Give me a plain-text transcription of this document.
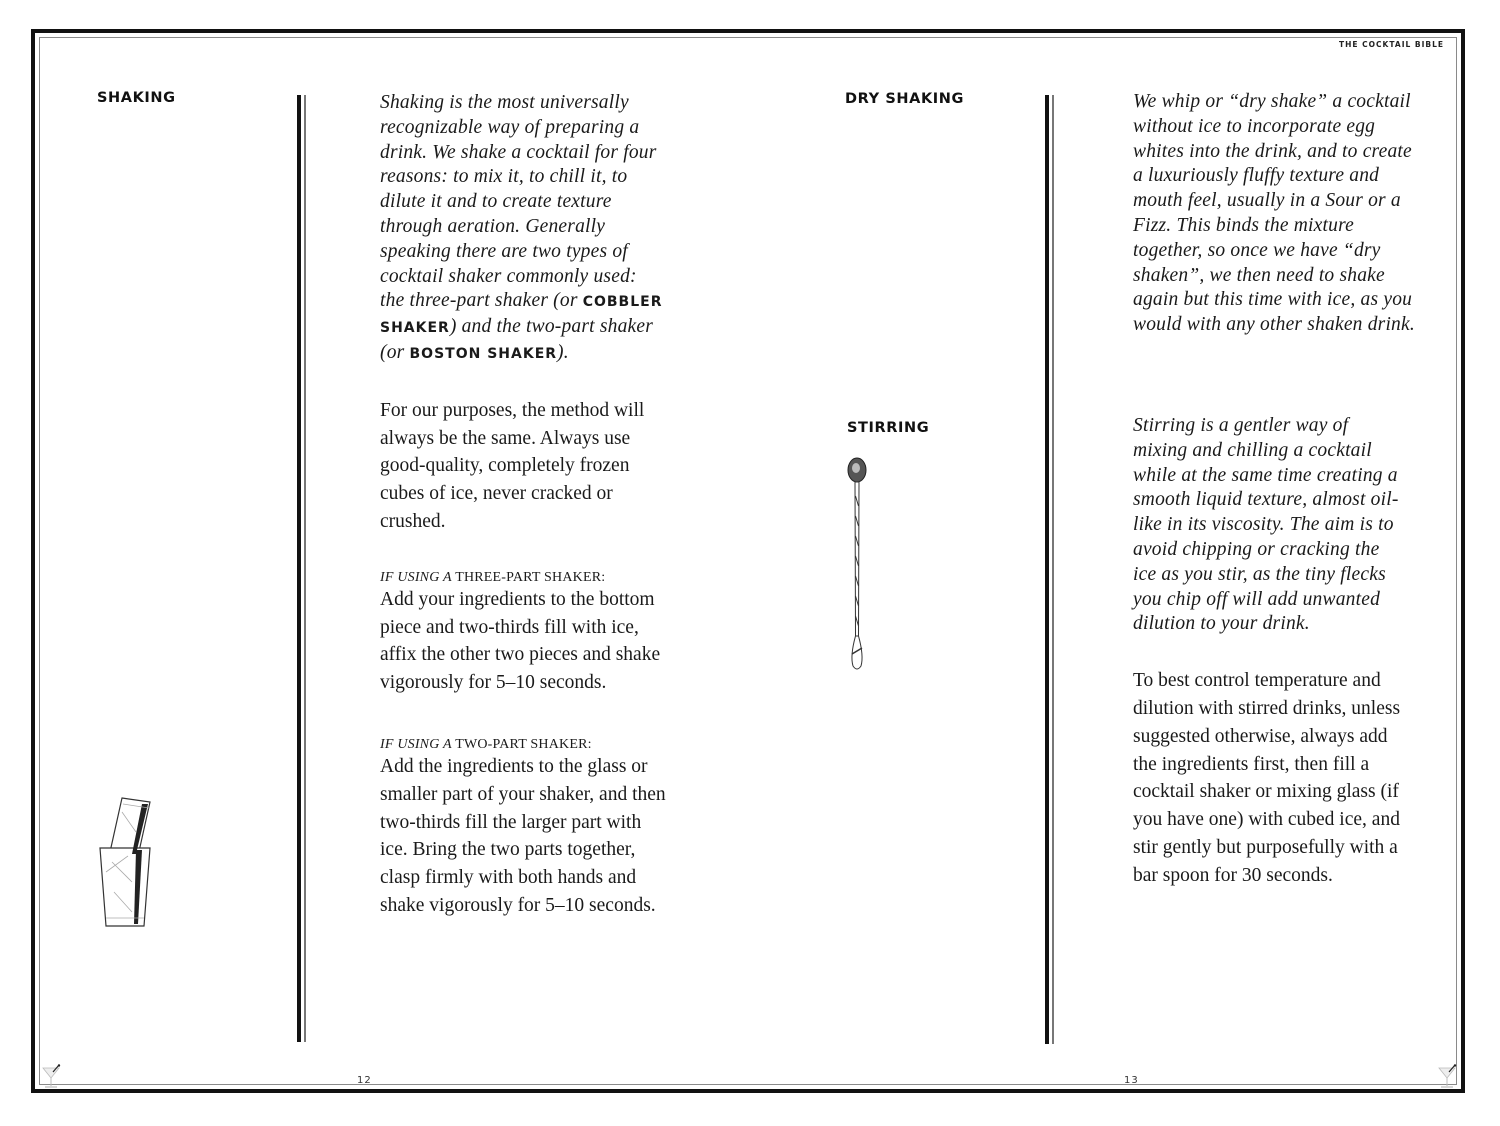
THE COCKTAIL BIBLE
SHAKING	Shaking is the most universally recognizable way of preparing a drink. We shake a cocktail for four reasons: to mix it, to chill it, to dilute it and to create texture through aeration. Generally speaking there are two types of cocktail shaker commonly used: the three-part shaker (or COBBLER SHAKER) and the two-part shaker (or BOSTON SHAKER).

For our purposes, the method will always be the same. Always use good-quality, completely frozen cubes of ice, never cracked or crushed.

IF USING A THREE-PART SHAKER:

Add your ingredients to the bottom piece and two-thirds fill with ice, affix the other two pieces and shake vigorously for 5–10 seconds.

IF USING A TWO-PART SHAKER:

Add the ingredients to the glass or smaller part of your shaker, and then two-thirds fill the larger part with ice. Bring the two parts together, clasp firmly with both hands and shake vigorously for 5–10 seconds.

12
DRY SHAKING
STIRRING

We whip or “dry shake” a cocktail without ice to incorporate egg whites into the drink, and to create a luxuriously fluffy texture and mouth feel, usually in a Sour or a Fizz. This binds the mixture together, so once we have “dry shaken”, we then need to shake again but this time with ice, as you would with any other shaken drink.

Stirring is a gentler way of mixing and chilling a cocktail while at the same time creating a smooth liquid texture, almost oil-like in its viscosity. The aim is to avoid chipping or cracking the ice as you stir, as the tiny flecks you chip off will add unwanted dilution to your drink.

To best control temperature and dilution with stirred drinks, unless suggested otherwise, always add the ingredients first, then fill a cocktail shaker or mixing glass (if you have one) with cubed ice, and stir gently but purposefully with a bar spoon for 30 seconds.

13
